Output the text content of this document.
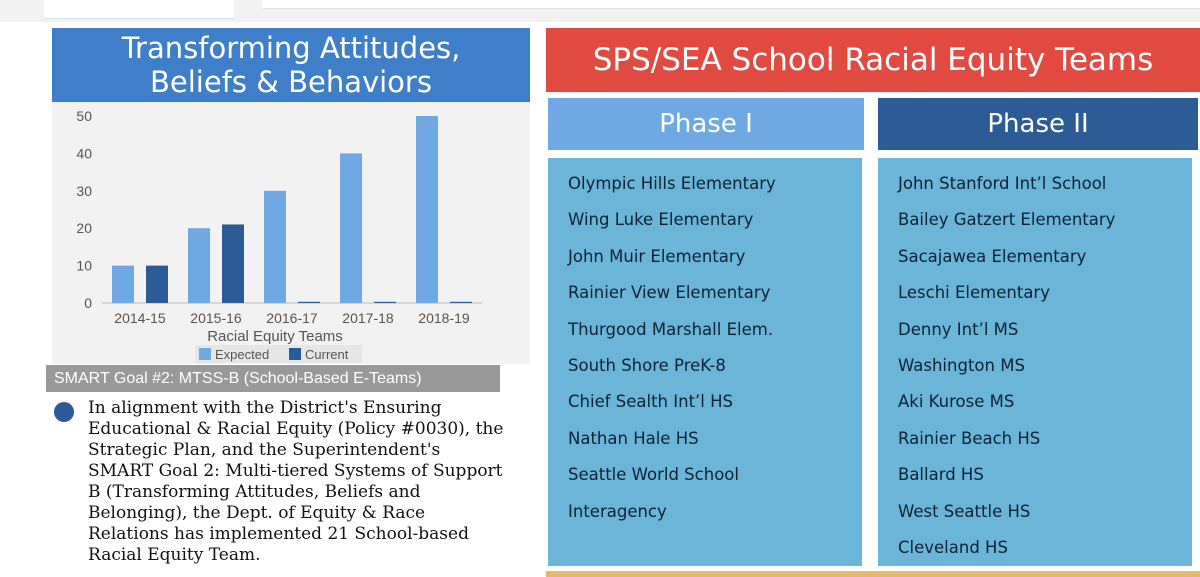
Transforming Attitudes,
Beliefs & Behaviors
0
10
20
30
40
50
2014-15 2015-16 2016-17 2017-18 2018-19
Racial Equity Teams
Expected	Current
SMART Goal #2: MTSS-B (School-Based E-Teams)
In alignment with the District's Ensuring Educational & Racial Equity (Policy #0030), the Strategic Plan, and the Superintendent's SMART Goal 2: Multi-tiered Systems of Support B (Transforming Attitudes, Beliefs and Belonging), the Dept. of Equity & Race Relations has implemented 21 School-based Racial Equity Team.
SPS/SEA School Racial Equity Teams
Phase I	Phase II
Olympic Hills Elementary
Wing Luke Elementary
John Muir Elementary
Rainier View Elementary
Thurgood Marshall Elem.
South Shore PreK-8
Chief Sealth Int’l HS
Nathan Hale HS
Seattle World School
Interagency
John Stanford Int’l School
Bailey Gatzert Elementary
Sacajawea Elementary
Leschi Elementary
Denny Int’l MS
Washington MS
Aki Kurose MS
Rainier Beach HS
Ballard HS
West Seattle HS
Cleveland HS
